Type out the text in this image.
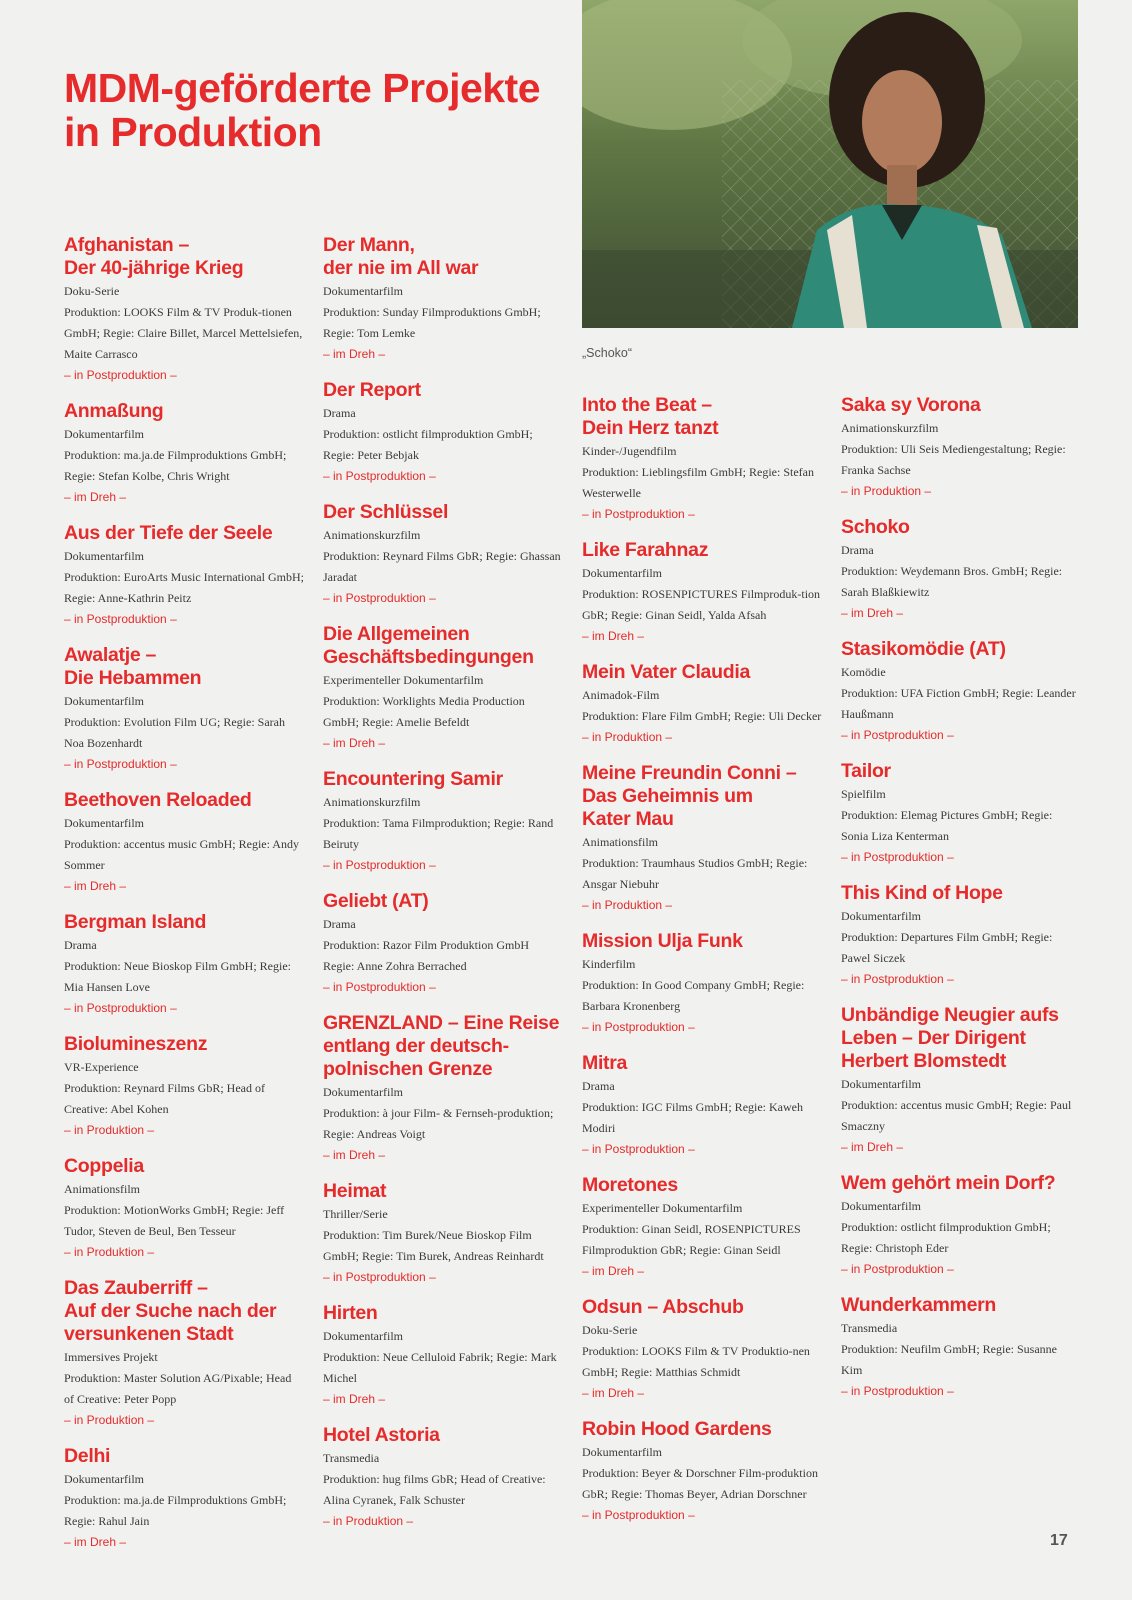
MDM-geförderte Projekte
in Produktion
„Schoko“
Afghanistan –
Der 40-jährige Krieg
Doku-Serie
Produktion: LOOKS Film & TV Produk-tionen GmbH; Regie: Claire Billet, Marcel Mettelsiefen, Maite Carrasco
– in Postproduktion –
Anmaßung
Dokumentarfilm
Produktion: ma.ja.de Filmproduktions GmbH; Regie: Stefan Kolbe, Chris Wright
– im Dreh –
Aus der Tiefe der Seele
Dokumentarfilm
Produktion: EuroArts Music International GmbH; Regie: Anne-Kathrin Peitz
– in Postproduktion –
Awalatje –
Die Hebammen
Dokumentarfilm
Produktion: Evolution Film UG; Regie: Sarah Noa Bozenhardt
– in Postproduktion –
Beethoven Reloaded
Dokumentarfilm
Produktion: accentus music GmbH; Regie: Andy Sommer
– im Dreh –
Bergman Island
Drama
Produktion: Neue Bioskop Film GmbH; Regie: Mia Hansen Love
– in Postproduktion –
Biolumineszenz
VR-Experience
Produktion: Reynard Films GbR; Head of Creative: Abel Kohen
– in Produktion –
Coppelia
Animationsfilm
Produktion: MotionWorks GmbH; Regie: Jeff Tudor, Steven de Beul, Ben Tesseur
– in Produktion –
Das Zauberriff –
Auf der Suche nach der
versunkenen Stadt
Immersives Projekt
Produktion: Master Solution AG/Pixable; Head of Creative: Peter Popp
– in Produktion –
Delhi
Dokumentarfilm
Produktion: ma.ja.de Filmproduktions GmbH; Regie: Rahul Jain
– im Dreh –
Der Mann,
der nie im All war
Dokumentarfilm
Produktion: Sunday Filmproduktions GmbH; Regie: Tom Lemke
– im Dreh –
Der Report
Drama
Produktion: ostlicht filmproduktion GmbH; Regie: Peter Bebjak
– in Postproduktion –
Der Schlüssel
Animationskurzfilm
Produktion: Reynard Films GbR; Regie: Ghassan Jaradat
– in Postproduktion –
Die Allgemeinen
Geschäftsbedingungen
Experimenteller Dokumentarfilm
Produktion: Worklights Media Production GmbH; Regie: Amelie Befeldt
– im Dreh –
Encountering Samir
Animationskurzfilm
Produktion: Tama Filmproduktion; Regie: Rand Beiruty
– in Postproduktion –
Geliebt (AT)
Drama
Produktion: Razor Film Produktion GmbH Regie: Anne Zohra Berrached
– in Postproduktion –
GRENZLAND – Eine Reise
entlang der deutsch-
polnischen Grenze
Dokumentarfilm
Produktion: à jour Film- & Fernseh-produktion; Regie: Andreas Voigt
– im Dreh –
Heimat
Thriller/Serie
Produktion: Tim Burek/Neue Bioskop Film GmbH; Regie: Tim Burek, Andreas Reinhardt
– in Postproduktion –
Hirten
Dokumentarfilm
Produktion: Neue Celluloid Fabrik; Regie: Mark Michel
– im Dreh –
Hotel Astoria
Transmedia
Produktion: hug films GbR; Head of Creative: Alina Cyranek, Falk Schuster
– in Produktion –
Into the Beat –
Dein Herz tanzt
Kinder-/Jugendfilm
Produktion: Lieblingsfilm GmbH; Regie: Stefan Westerwelle
– in Postproduktion –
Like Farahnaz
Dokumentarfilm
Produktion: ROSENPICTURES Filmproduk-tion GbR; Regie: Ginan Seidl, Yalda Afsah
– im Dreh –
Mein Vater Claudia
Animadok-Film
Produktion: Flare Film GmbH; Regie: Uli Decker
– in Produktion –
Meine Freundin Conni –
Das Geheimnis um
Kater Mau
Animationsfilm
Produktion: Traumhaus Studios GmbH; Regie: Ansgar Niebuhr
– in Produktion –
Mission Ulja Funk
Kinderfilm
Produktion: In Good Company GmbH; Regie: Barbara Kronenberg
– in Postproduktion –
Mitra
Drama
Produktion: IGC Films GmbH; Regie: Kaweh Modiri
– in Postproduktion –
Moretones
Experimenteller Dokumentarfilm
Produktion: Ginan Seidl, ROSENPICTURES Filmproduktion GbR; Regie: Ginan Seidl
– im Dreh –
Odsun – Abschub
Doku-Serie
Produktion: LOOKS Film & TV Produktio-nen GmbH; Regie: Matthias Schmidt
– im Dreh –
Robin Hood Gardens
Dokumentarfilm
Produktion: Beyer & Dorschner Film-produktion GbR; Regie: Thomas Beyer, Adrian Dorschner
– in Postproduktion –
Saka sy Vorona
Animationskurzfilm
Produktion: Uli Seis Mediengestaltung; Regie: Franka Sachse
– in Produktion –
Schoko
Drama
Produktion: Weydemann Bros. GmbH; Regie: Sarah Blaßkiewitz
– im Dreh –
Stasikomödie (AT)
Komödie
Produktion: UFA Fiction GmbH; Regie: Leander Haußmann
– in Postproduktion –
Tailor
Spielfilm
Produktion: Elemag Pictures GmbH; Regie: Sonia Liza Kenterman
– in Postproduktion –
This Kind of Hope
Dokumentarfilm
Produktion: Departures Film GmbH; Regie: Pawel Siczek
– in Postproduktion –
Unbändige Neugier aufs
Leben – Der Dirigent
Herbert Blomstedt
Dokumentarfilm
Produktion: accentus music GmbH; Regie: Paul Smaczny
– im Dreh –
Wem gehört mein Dorf?
Dokumentarfilm
Produktion: ostlicht filmproduktion GmbH; Regie: Christoph Eder
– in Postproduktion –
Wunderkammern
Transmedia
Produktion: Neufilm GmbH; Regie: Susanne Kim
– in Postproduktion –
17
